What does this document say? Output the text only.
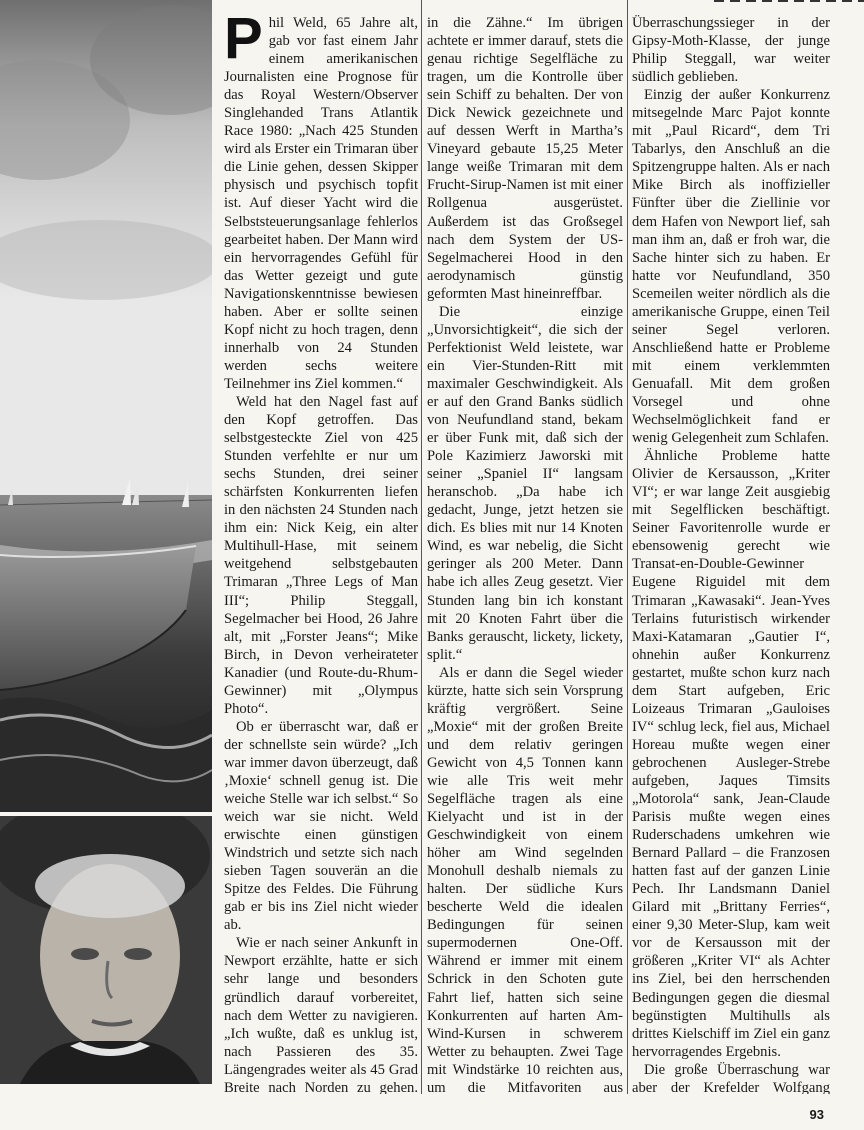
Phil Weld, 65 Jahre alt, gab vor fast einem Jahr einem amerikanischen Journalisten eine Prognose für das Royal Western/Observer Singlehanded Trans Atlantik Race 1980: „Nach 425 Stunden wird als Erster ein Trimaran über die Linie gehen, dessen Skipper physisch und psychisch topfit ist. Auf dieser Yacht wird die Selbststeuerungsanlage fehlerlos gearbeitet haben. Der Mann wird ein hervorragendes Gefühl für das Wetter gezeigt und gute Navigationskenntnisse bewiesen haben. Aber er sollte seinen Kopf nicht zu hoch tragen, denn innerhalb von 24 Stunden werden sechs weitere Teilnehmer ins Ziel kommen.“

Weld hat den Nagel fast auf den Kopf getroffen. Das selbstgesteckte Ziel von 425 Stunden verfehlte er nur um sechs Stunden, drei seiner schärfsten Konkurrenten liefen in den nächsten 24 Stunden nach ihm ein: Nick Keig, ein alter Multihull-Hase, mit seinem weitgehend selbstgebauten Trimaran „Three Legs of Man III“; Philip Steggall, Segelmacher bei Hood, 26 Jahre alt, mit „Forster Jeans“; Mike Birch, in Devon verheirateter Kanadier (und Route-du-Rhum-Gewinner) mit „Olympus Photo“.

Ob er überrascht war, daß er der schnellste sein würde? „Ich war immer davon überzeugt, daß ‚Moxie‘ schnell genug ist. Die weiche Stelle war ich selbst.“ So weich war sie nicht. Weld erwischte einen günstigen Windstrich und setzte sich nach sieben Tagen souverän an die Spitze des Feldes. Die Führung gab er bis ins Ziel nicht wieder ab.

Wie er nach seiner Ankunft in Newport erzählte, hatte er sich sehr lange und besonders gründlich darauf vorbereitet, nach dem Wetter zu navigieren. „Ich wußte, daß es unklug ist, nach Passieren des 35. Längengrades weiter als 45 Grad Breite nach Norden zu gehen.

in die Zähne.“ Im übrigen achtete er immer darauf, stets die genau richtige Segelfläche zu tragen, um die Kontrolle über sein Schiff zu behalten. Der von Dick Newick gezeichnete und auf dessen Werft in Martha’s Vineyard gebaute 15,25 Meter lange weiße Trimaran mit dem Frucht-Sirup-Namen ist mit einer Rollgenua ausgerüstet. Außerdem ist das Großsegel nach dem System der US-Segelmacherei Hood in den aerodynamisch günstig geformten Mast hineinreffbar.

Die einzige „Unvorsichtigkeit“, die sich der Perfektionist Weld leistete, war ein Vier-Stunden-Ritt mit maximaler Geschwindigkeit. Als er auf den Grand Banks südlich von Neufundland stand, bekam er über Funk mit, daß sich der Pole Kazimierz Jaworski mit seiner „Spaniel II“ langsam heranschob. „Da habe ich gedacht, Junge, jetzt hetzen sie dich. Es blies mit nur 14 Knoten Wind, es war nebelig, die Sicht geringer als 200 Meter. Dann habe ich alles Zeug gesetzt. Vier Stunden lang bin ich konstant mit 20 Knoten Fahrt über die Banks gerauscht, lickety, lickety, split.“

Als er dann die Segel wieder kürzte, hatte sich sein Vorsprung kräftig vergrößert. Seine „Moxie“ mit der großen Breite und dem relativ geringen Gewicht von 4,5 Tonnen kann wie alle Tris weit mehr Segelfläche tragen als eine Kielyacht und ist in der Geschwindigkeit von einem höher am Wind segelnden Monohull deshalb niemals zu halten. Der südliche Kurs bescherte Weld die idealen Bedingungen für seinen supermodernen One-Off. Während er immer mit einem Schrick in den Schoten gute Fahrt lief, hatten sich seine Konkurrenten auf harten Am-Wind-Kursen in schwerem Wetter zu behaupten. Zwei Tage mit Windstärke 10 reichten aus, um die Mitfavoriten aus

Überraschungssieger in der Gipsy-Moth-Klasse, der junge Philip Steggall, war weiter südlich geblieben.

Einzig der außer Konkurrenz mitsegelnde Marc Pajot konnte mit „Paul Ricard“, dem Tri Tabarlys, den Anschluß an die Spitzengruppe halten. Als er nach Mike Birch als inoffizieller Fünfter über die Ziellinie vor dem Hafen von Newport lief, sah man ihm an, daß er froh war, die Sache hinter sich zu haben. Er hatte vor Neufundland, 350 Scemeilen weiter nördlich als die amerikanische Gruppe, einen Teil seiner Segel verloren. Anschließend hatte er Probleme mit einem verklemmten Genuafall. Mit dem großen Vorsegel und ohne Wechselmöglichkeit fand er wenig Gelegenheit zum Schlafen.

Ähnliche Probleme hatte Olivier de Kersausson, „Kriter VI“; er war lange Zeit ausgiebig mit Segelflicken beschäftigt. Seiner Favoritenrolle wurde er ebensowenig gerecht wie Transat-en-Double-Gewinner Eugene Riguidel mit dem Trimaran „Kawasaki“. Jean-Yves Terlains futuristisch wirkender Maxi-Katamaran „Gautier I“, ohnehin außer Konkurrenz gestartet, mußte schon kurz nach dem Start aufgeben, Eric Loizeaus Trimaran „Gauloises IV“ schlug leck, fiel aus, Michael Horeau mußte wegen einer gebrochenen Ausleger-Strebe aufgeben, Jaques Timsits „Motorola“ sank, Jean-Claude Parisis mußte wegen eines Ruderschadens umkehren wie Bernard Pallard – die Franzosen hatten fast auf der ganzen Linie Pech. Ihr Landsmann Daniel Gilard mit „Brittany Ferries“, einer 9,30 Meter-Slup, kam weit vor de Kersausson mit der größeren „Kriter VI“ als Achter ins Ziel, bei den herrschenden Bedingungen gegen die diesmal begünstigten Multihulls als drittes Kielschiff im Ziel ein ganz hervorragendes Ergebnis.

Die große Überraschung war aber der Krefelder Wolfgang

93
